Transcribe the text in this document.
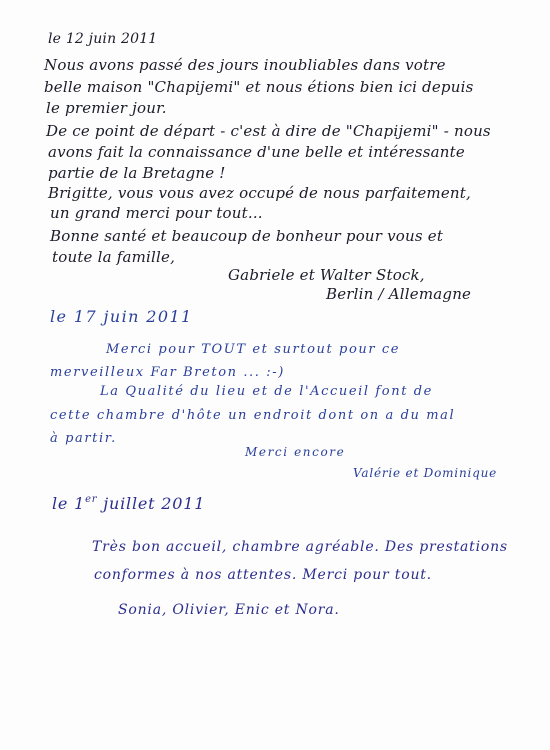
le 12 juin 2011
Nous avons passé des jours inoubliables dans votre
belle maison "Chapijemi" et nous étions bien ici depuis
le premier jour.
De ce point de départ - c'est à dire de "Chapijemi" - nous
avons fait la connaissance d'une belle et intéressante
partie de la Bretagne !
Brigitte, vous vous avez occupé de nous parfaitement,
un grand merci pour tout...
Bonne santé et beaucoup de bonheur pour vous et
toute la famille,
Gabriele et Walter Stock,
Berlin / Allemagne
le 17 juin 2011
Merci pour TOUT et surtout pour ce
merveilleux Far Breton ... :-)
La Qualité du lieu et de l'Accueil font de
cette chambre d'hôte un endroit dont on a du mal
à partir.
Merci encore
Valérie et Dominique
le 1er juillet 2011
Très bon accueil, chambre agréable. Des prestations
conformes à nos attentes. Merci pour tout.
Sonia, Olivier, Enic et Nora.
